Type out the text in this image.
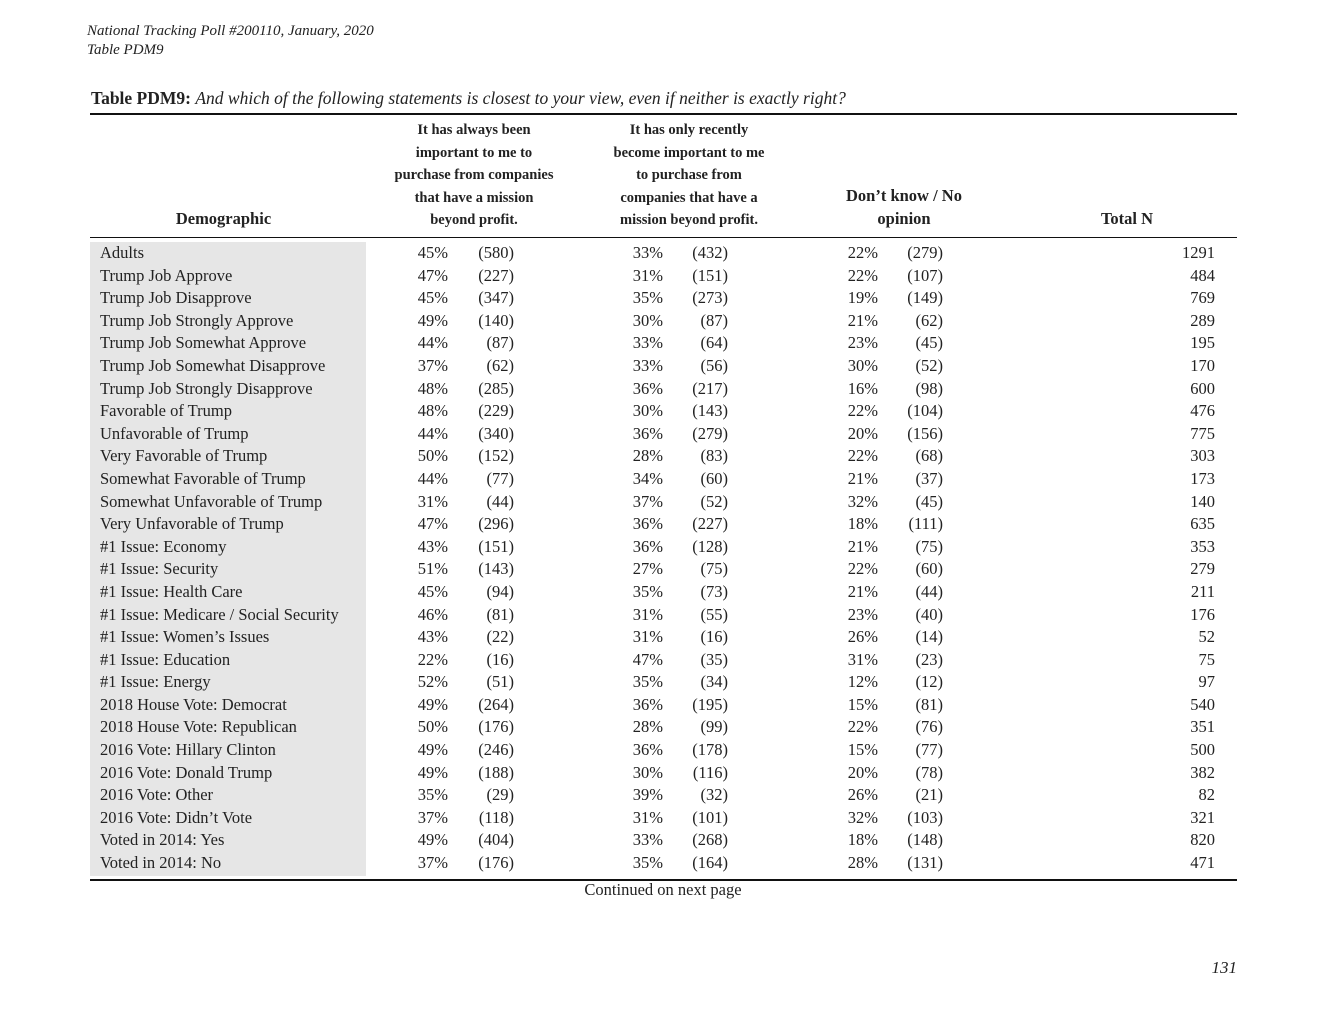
National Tracking Poll #200110, January, 2020
Table PDM9
Table PDM9: And which of the following statements is closest to your view, even if neither is exactly right?
Demographic
It has always been
important to me to
purchase from companies
that have a mission
beyond profit.
It has only recently
become important to me
to purchase from
companies that have a
mission beyond profit.
Don’t know / No
opinion	Total N
Adults	45% (580)	33% (432)	22% (279)	1291
Trump Job Approve	47% (227)	31% (151)	22% (107)	484
Trump Job Disapprove	45% (347)	35% (273)	19% (149)	769
Trump Job Strongly Approve	49% (140)	30% (87)	21% (62)	289
Trump Job Somewhat Approve	44% (87)	33% (64)	23% (45)	195
Trump Job Somewhat Disapprove	37% (62)	33% (56)	30% (52)	170
Trump Job Strongly Disapprove	48% (285)	36% (217)	16% (98)	600
Favorable of Trump	48% (229)	30% (143)	22% (104)	476
Unfavorable of Trump	44% (340)	36% (279)	20% (156)	775
Very Favorable of Trump	50% (152)	28% (83)	22% (68)	303
Somewhat Favorable of Trump	44% (77)	34% (60)	21% (37)	173
Somewhat Unfavorable of Trump	31% (44)	37% (52)	32% (45)	140
Very Unfavorable of Trump	47% (296)	36% (227)	18% (111)	635
#1 Issue: Economy	43% (151)	36% (128)	21% (75)	353
#1 Issue: Security	51% (143)	27% (75)	22% (60)	279
#1 Issue: Health Care	45% (94)	35% (73)	21% (44)	211
#1 Issue: Medicare / Social Security	46% (81)	31% (55)	23% (40)	176
#1 Issue: Women’s Issues	43% (22)	31% (16)	26% (14)	52
#1 Issue: Education	22% (16)	47% (35)	31% (23)	75
#1 Issue: Energy	52% (51)	35% (34)	12% (12)	97
2018 House Vote: Democrat	49% (264)	36% (195)	15% (81)	540
2018 House Vote: Republican	50% (176)	28% (99)	22% (76)	351
2016 Vote: Hillary Clinton	49% (246)	36% (178)	15% (77)	500
2016 Vote: Donald Trump	49% (188)	30% (116)	20% (78)	382
2016 Vote: Other	35% (29)	39% (32)	26% (21)	82
2016 Vote: Didn’t Vote	37% (118)	31% (101)	32% (103)	321
Voted in 2014: Yes	49% (404)	33% (268)	18% (148)	820
Voted in 2014: No	37% (176)	35% (164)	28% (131)	471
Continued on next page
131
